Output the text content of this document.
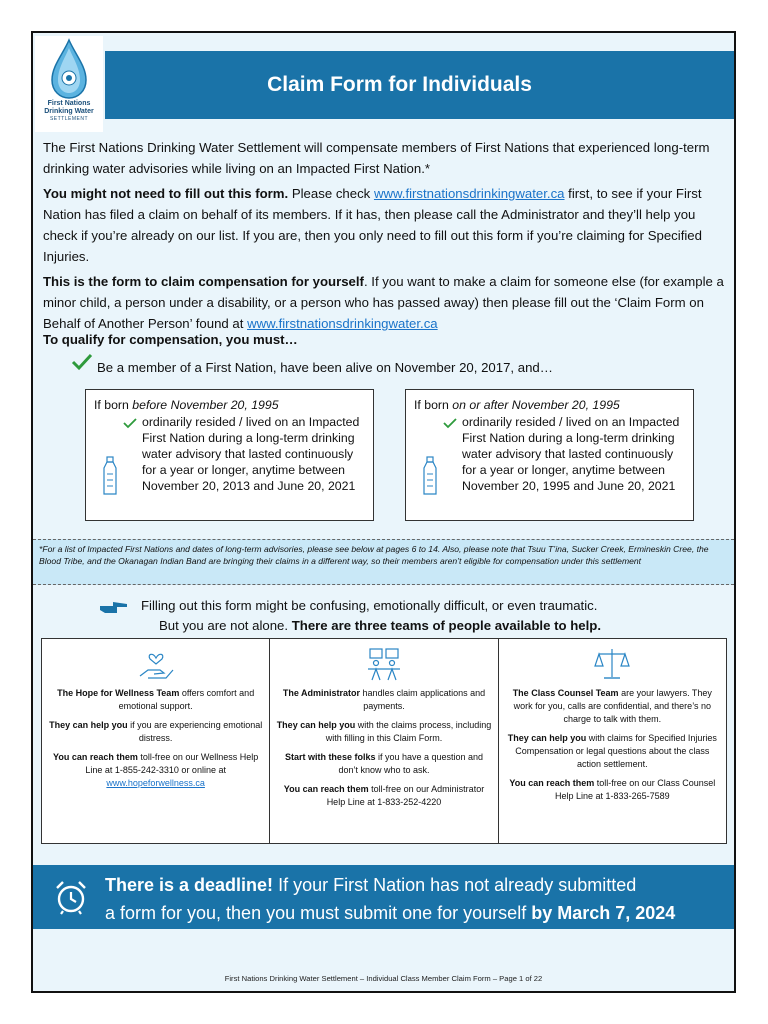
First Nations
Drinking Water
SETTLEMENT
Claim Form for Individuals

The First Nations Drinking Water Settlement will compensate members of First Nations that experienced long-term drinking water advisories while living on an Impacted First Nation.*

You might not need to fill out this form. Please check www.firstnationsdrinkingwater.ca first, to see if your First Nation has filed a claim on behalf of its members. If it has, then please call the Administrator and they’ll help you check if you’re already on our list. If you are, then you only need to fill out this form if you’re claiming for Specified Injuries.

This is the form to claim compensation for yourself. If you want to make a claim for someone else (for example a minor child, a person under a disability, or a person who has passed away) then please fill out the ‘Claim Form on Behalf of Another Person’ found at www.firstnationsdrinkingwater.ca

To qualify for compensation, you must…

Be a member of a First Nation, have been alive on November 20, 2017, and…
If born before November 20, 1995
ordinarily resided / lived on an Impacted First Nation during a long-term drinking water advisory that lasted continuously for a year or longer, anytime between November 20, 2013 and June 20, 2021
If born on or after November 20, 1995
ordinarily resided / lived on an Impacted First Nation during a long-term drinking water advisory that lasted continuously for a year or longer, anytime between November 20, 1995 and June 20, 2021
*For a list of Impacted First Nations and dates of long-term advisories, please see below at pages 6 to 14. Also, please note that Tsuu T’ina, Sucker Creek, Ermineskin Cree, the Blood Tribe, and the Okanagan Indian Band are bringing their claims in a different way, so their members aren’t eligible for compensation under this settlement
Filling out this form might be confusing, emotionally difficult, or even traumatic.
But you are not alone. There are three teams of people available to help.

The Hope for Wellness Team offers comfort and emotional support.

They can help you if you are experiencing emotional distress.

You can reach them toll-free on our Wellness Help Line at 1-855-242-3310 or online at www.hopeforwellness.ca

The Administrator handles claim applications and payments.

They can help you with the claims process, including with filling in this Claim Form.

Start with these folks if you have a question and don’t know who to ask.

You can reach them toll-free on our Administrator Help Line at 1-833-252-4220

The Class Counsel Team are your lawyers. They work for you, calls are confidential, and there’s no charge to talk with them.

They can help you with claims for Specified Injuries Compensation or legal questions about the class action settlement.

You can reach them toll-free on our Class Counsel Help Line at 1-833-265-7589

There is a deadline! If your First Nation has not already submitted
a form for you, then you must submit one for yourself by March 7, 2024
First Nations Drinking Water Settlement – Individual Class Member Claim Form – Page 1 of 22
